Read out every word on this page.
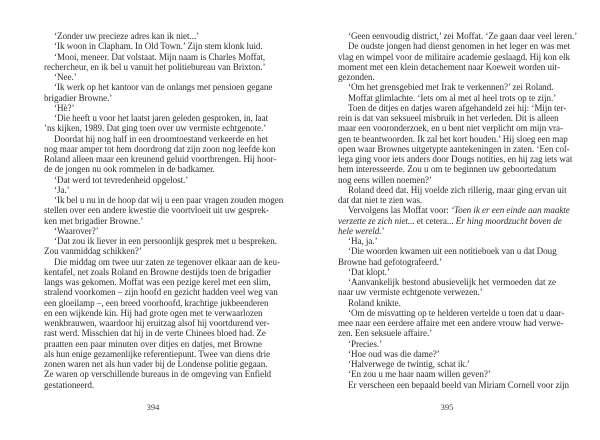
‘Zonder uw precieze adres kan ik niet...’
‘Ik woon in Clapham. In Old Town.’ Zijn stem klonk luid.
‘Mooi, meneer. Dat volstaat. Mijn naam is Charles Moffat,
rechercheur, en ik bel u vanuit het politiebureau van Brixton.’
‘Nee.’
‘Ik werk op het kantoor van de onlangs met pensioen gegane
brigadier Browne.’
‘Hè?’
‘Die heeft u voor het laatst jaren geleden gesproken, in, laat
’ns kijken, 1989. Dat ging toen over uw vermiste echtgenote.’
Doordat hij nog half in een droomtoestand verkeerde en het
nog maar amper tot hem doordrong dat zijn zoon nog leefde kon
Roland alleen maar een kreunend geluid voortbrengen. Hij hoor-
de de jongen nu ook rommelen in de badkamer.
‘Dat werd tot tevredenheid opgelost.’
‘Ja.’
‘Ik bel u nu in de hoop dat wij u een paar vragen zouden mogen
stellen over een andere kwestie die voortvloeit uit uw gesprek-
ken met brigadier Browne.’
‘Waarover?’
‘Dat zou ik liever in een persoonlijk gesprek met u bespreken.
Zou vanmiddag schikken?’
Die middag om twee uur zaten ze tegenover elkaar aan de keu-
kentafel, net zoals Roland en Browne destijds toen de brigadier
langs was gekomen. Moffat was een pezige kerel met een slim,
stralend voorkomen – zijn hoofd en gezicht hadden veel weg van
een gloeilamp –, een breed voorhoofd, krachtige jukbeenderen
en een wijkende kin. Hij had grote ogen met te verwaarlozen
wenkbrauwen, waardoor hij eruitzag alsof hij voortdurend ver-
rast werd. Misschien dat hij in de verte Chinees bloed had. Ze
praatten een paar minuten over ditjes en datjes, met Browne
als hun enige gezamenlijke referentiepunt. Twee van diens drie
zonen waren net als hun vader bij de Londense politie gegaan.
Ze waren op verschillende bureaus in de omgeving van Enfield
gestationeerd.
394
‘Geen eenvoudig district,’ zei Moffat. ‘Ze gaan daar veel leren.’
De oudste jongen had dienst genomen in het leger en was met
vlag en wimpel voor de militaire academie geslaagd. Hij kon elk
moment met een klein detachement naar Koeweit worden uit-
gezonden.
‘Om het grensgebied met Irak te verkennen?’ zei Roland.
Moffat glimlachte. ‘Iets om al met al heel trots op te zijn.’
Toen de ditjes en datjes waren afgehandeld zei hij: ‘Mijn ter-
rein is dat van seksueel misbruik in het verleden. Dit is alleen
maar een vooronderzoek, en u bent niet verplicht om mijn vra-
gen te beantwoorden. Ik zal het kort houden.’ Hij sloeg een map
open waar Brownes uitgetypte aantekeningen in zaten. ‘Een col-
lega ging voor iets anders door Dougs notities, en hij zag iets wat
hem interesseerde. Zou u om te beginnen uw geboortedatum
nog eens willen noemen?’
Roland deed dat. Hij voelde zich rillerig, maar ging ervan uit
dat dat niet te zien was.
Vervolgens las Moffat voor: ‘Toen ik er een einde aan maakte
verzette ze zich niet... et cetera... Er hing moordzucht boven de
hele wereld.’
‘Ha, ja.’
‘Die woorden kwamen uit een notitieboek van u dat Doug
Browne had gefotografeerd.’
‘Dat klopt.’
‘Aanvankelijk bestond abusievelijk het vermoeden dat ze
naar uw vermiste echtgenote verwezen.’
Roland knikte.
‘Om de misvatting op te helderen vertelde u toen dat u daar-
mee naar een eerdere affaire met een andere vrouw had verwe-
zen. Een seksuele affaire.’
‘Precies.’
‘Hoe oud was die dame?’
‘Halverwege de twintig, schat ik.’
‘En zou u me haar naam willen geven?’
Er verscheen een bepaald beeld van Miriam Cornell voor zijn
395
